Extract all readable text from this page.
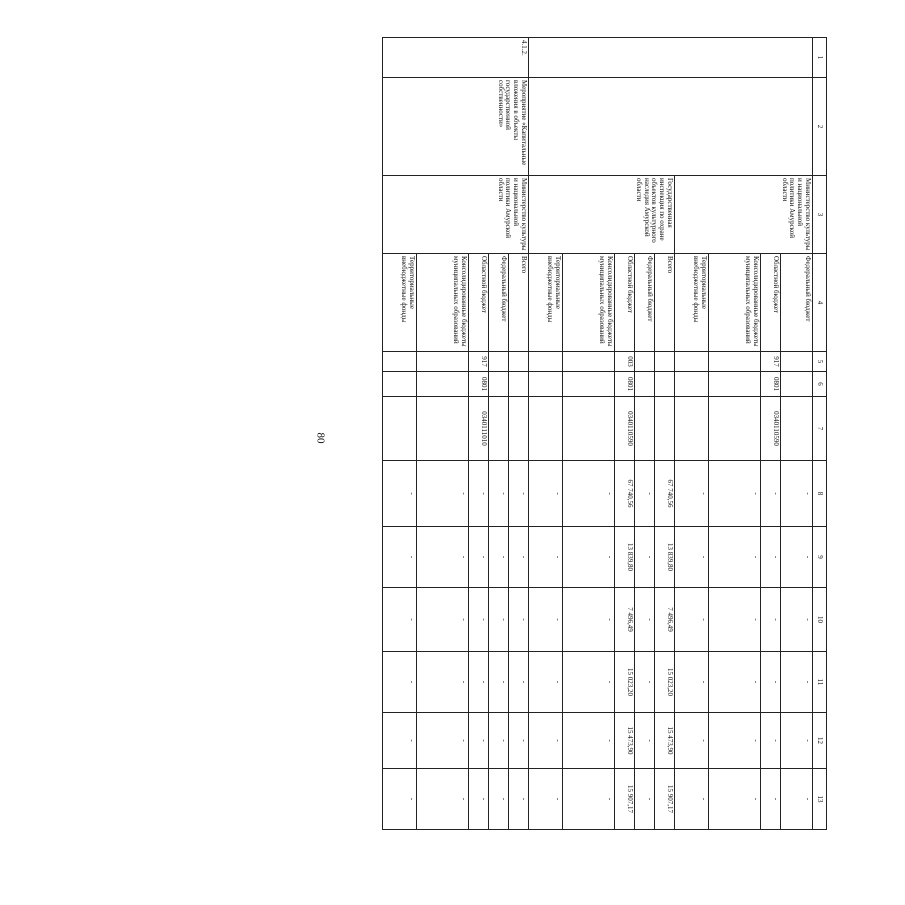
80
1	2	3	4	5	6	7	8	9	10	11	12	13
		Министерство культуры и национальной политики Амурской области	Федеральный бюджет				-	-	-	-	-	-
			Областной бюджет	917	0801	0340110590	-	-	-	-	-	-
			Консолидированные бюджеты муниципальных образований				-	-	-	-	-	-
			Территориальные внебюджетные фонды				-	-	-	-	-	-
		Государственная инспекция по охране объектов культурного наследия Амурской области	Всего				67 740,56	13 839,80	7 496,49	15 023,20	15 473,90	15 907,17
			Федеральный бюджет				-	-	-	-	-	-
			Областной бюджет	003	0801	0340110590	67 740,56	13 839,80	7 496,49	15 023,20	15 473,90	15 907,17
			Консолидированные бюджеты муниципальных образований				-	-	-	-	-	-
			Территориальные внебюджетные фонды				-	-	-	-	-	-
4.1.2.	Мероприятие «Капитальные вложения в объекты государственной собственности»	Министерство культуры и национальной политики Амурской области	Всего				-	-	-	-	-	-
			Федеральный бюджет				-	-	-	-	-	-
			Областной бюджет	917	0801	0340111010	-	-	-	-	-	-
			Консолидированные бюджеты муниципальных образований				-	-	-	-	-	-
			Территориальные внебюджетные фонды				-	-	-	-	-	-
